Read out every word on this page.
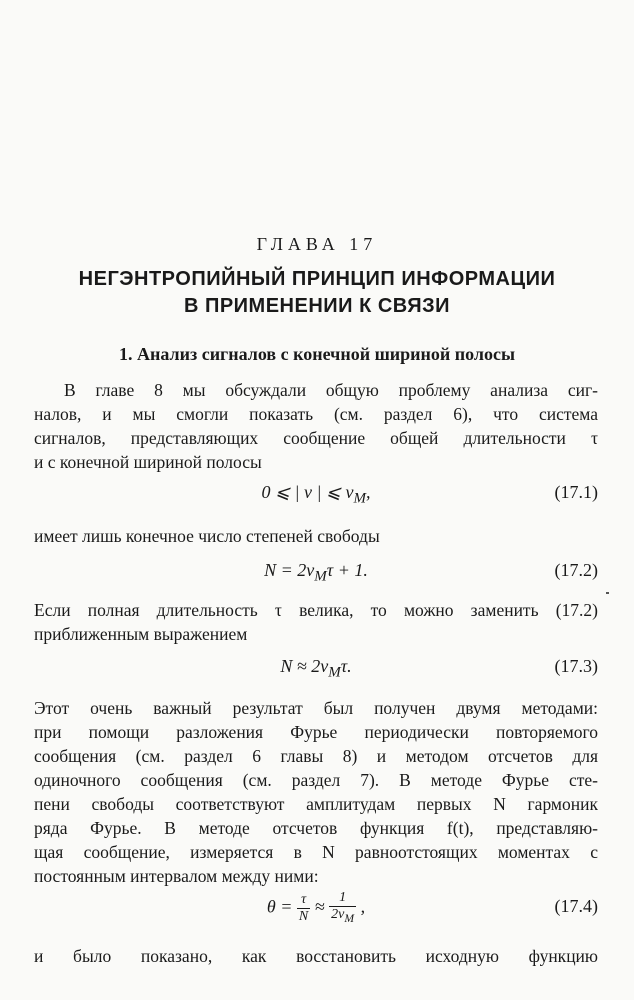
ГЛАВА 17
НЕГЭНТРОПИЙНЫЙ ПРИНЦИП ИНФОРМАЦИИ
В ПРИМЕНЕНИИ К СВЯЗИ
1. Анализ сигналов с конечной шириной полосы
В главе 8 мы обсуждали общую проблему анализа сиг-
налов, и мы смогли показать (см. раздел 6), что система
сигналов, представляющих сообщение общей длительности τ
и с конечной шириной полосы
0 ⩽ | ν | ⩽ $\nu_M$,	(17.1)
имеет лишь конечное число степеней свободы
$N = 2\nu_M\tau + 1$.	(17.2)
Если полная длительность τ велика, то можно заменить (17.2)
приближенным выражением
$N \approx 2\nu_M\tau$.	(17.3)
Этот очень важный результат был получен двумя методами:
при помощи разложения Фурье периодически повторяемого
сообщения (см. раздел 6 главы 8) и методом отсчетов для
одиночного сообщения (см. раздел 7). В методе Фурье сте-
пени свободы соответствуют амплитудам первых N гармоник
ряда Фурье. В методе отсчетов функция f(t), представляю-
щая сообщение, измеряется в N равноотстоящих моментах с
постоянным интервалом между ними:
$\theta = \frac{\tau}{N} \approx \frac{1}{2\nu_M}$ ,	(17.4)
и было показано, как восстановить исходную функцию
